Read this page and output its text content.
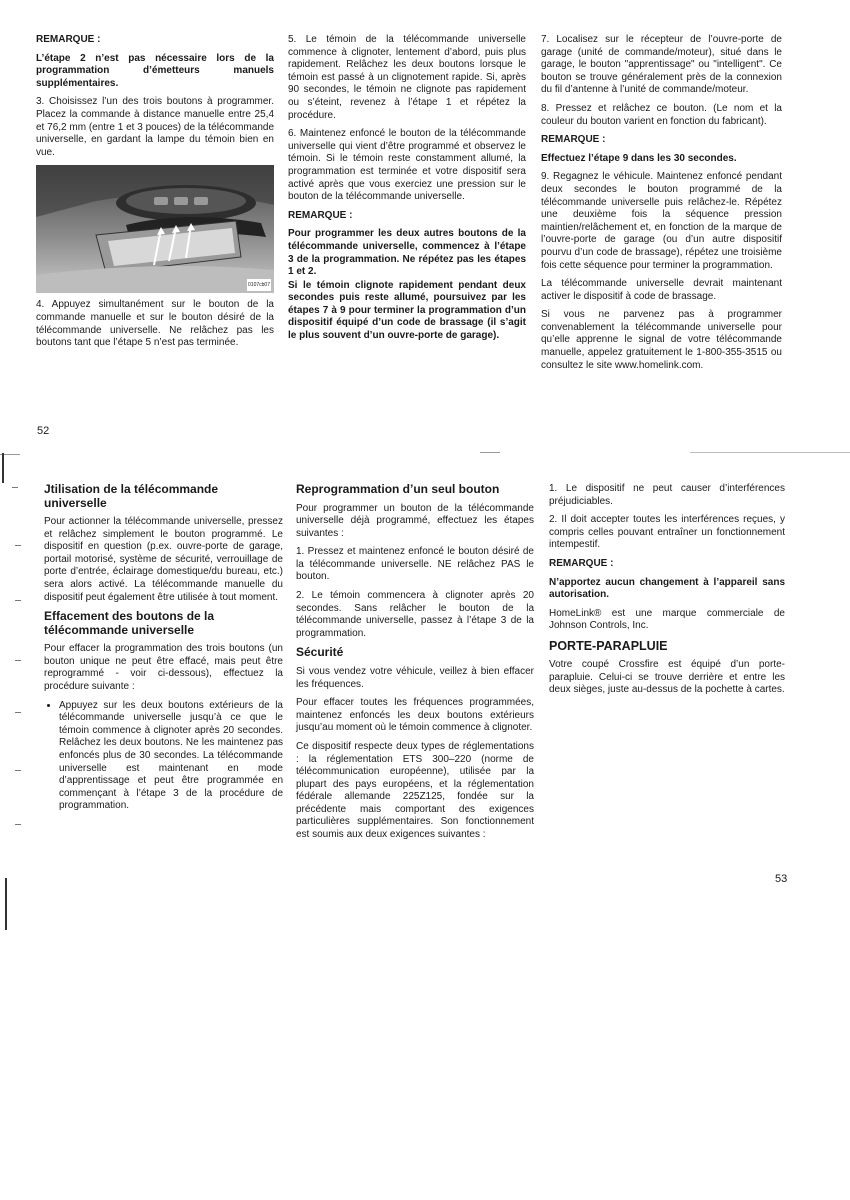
REMARQUE :

L’étape 2 n’est pas nécessaire lors de la programmation d’émetteurs manuels supplémentaires.

3. Choisissez l’un des trois boutons à programmer. Placez la commande à distance manuelle entre 25,4 et 76,2 mm (entre 1 et 3 pouces) de la télécommande universelle, en gardant la lampe du témoin bien en vue.

0107cb07

4. Appuyez simultanément sur le bouton de la commande manuelle et sur le bouton désiré de la télécommande universelle. Ne relâchez pas les boutons tant que l’étape 5 n’est pas terminée.

5. Le témoin de la télécommande universelle commence à clignoter, lentement d’abord, puis plus rapidement. Relâchez les deux boutons lorsque le témoin est passé à un clignotement rapide. Si, après 90 secondes, le témoin ne clignote pas rapidement ou s’éteint, revenez à l’étape 1 et répétez la procédure.

6. Maintenez enfoncé le bouton de la télécommande universelle qui vient d’être programmé et observez le témoin. Si le témoin reste constamment allumé, la programmation est terminée et votre dispositif sera activé après que vous exerciez une pression sur le bouton de la télécommande universelle.

REMARQUE :

Pour programmer les deux autres boutons de la télécommande universelle, commencez à l’étape 3 de la programmation. Ne répétez pas les étapes 1 et 2.

Si le témoin clignote rapidement pendant deux secondes puis reste allumé, poursuivez par les étapes 7 à 9 pour terminer la programmation d’un dispositif équipé d’un code de brassage (il s’agit le plus souvent d’un ouvre-porte de garage).

7. Localisez sur le récepteur de l’ouvre-porte de garage (unité de commande/moteur), situé dans le garage, le bouton "apprentissage" ou "intelligent". Ce bouton se trouve généralement près de la connexion du fil d’antenne à l’unité de commande/moteur.

8. Pressez et relâchez ce bouton. (Le nom et la couleur du bouton varient en fonction du fabricant).

REMARQUE :

Effectuez l’étape 9 dans les 30 secondes.

9. Regagnez le véhicule. Maintenez enfoncé pendant deux secondes le bouton programmé de la télécommande universelle puis relâchez-le. Répétez une deuxième fois la séquence pression maintien/relâchement et, en fonction de la marque de l’ouvre-porte de garage (ou d’un autre dispositif pourvu d’un code de brassage), répétez une troisième fois cette séquence pour terminer la programmation.

La télécommande universelle devrait maintenant activer le dispositif à code de brassage.

Si vous ne parvenez pas à programmer convenablement la télécommande universelle pour qu’elle apprenne le signal de votre télécommande manuelle, appelez gratuitement le 1-800-355-3515 ou consultez le site www.homelink.com.

52

Jtilisation de la télécommande universelle

Pour actionner la télécommande universelle, pressez et relâchez simplement le bouton programmé. Le dispositif en question (p.ex. ouvre-porte de garage, portail motorisé, système de sécurité, verrouillage de porte d’entrée, éclairage domestique/du bureau, etc.) sera alors activé. La télécommande manuelle du dispositif peut également être utilisée à tout moment.

Effacement des boutons de la télécommande universelle

Pour effacer la programmation des trois boutons (un bouton unique ne peut être effacé, mais peut être reprogrammé - voir ci-dessous), effectuez la procédure suivante :

• Appuyez sur les deux boutons extérieurs de la télécommande universelle jusqu’à ce que le témoin commence à clignoter après 20 secondes. Relâchez les deux boutons. Ne les maintenez pas enfoncés plus de 30 secondes. La télécommande universelle est maintenant en mode d’apprentissage et peut être programmée en commençant à l’étape 3 de la procédure de programmation.

Reprogrammation d’un seul bouton

Pour programmer un bouton de la télécommande universelle déjà programmé, effectuez les étapes suivantes :

1. Pressez et maintenez enfoncé le bouton désiré de la télécommande universelle. NE relâchez PAS le bouton.

2. Le témoin commencera à clignoter après 20 secondes. Sans relâcher le bouton de la télécommande universelle, passez à l’étape 3 de la programmation.

Sécurité

Si vous vendez votre véhicule, veillez à bien effacer les fréquences.

Pour effacer toutes les fréquences programmées, maintenez enfoncés les deux boutons extérieurs jusqu’au moment où le témoin commence à clignoter.

Ce dispositif respecte deux types de réglementations : la réglementation ETS 300–220 (norme de télécommunication européenne), utilisée par la plupart des pays européens, et la réglementation fédérale allemande 225Z125, fondée sur la précédente mais comportant des exigences particulières supplémentaires. Son fonctionnement est soumis aux deux exigences suivantes :

1. Le dispositif ne peut causer d’interférences préjudiciables.

2. Il doit accepter toutes les interférences reçues, y compris celles pouvant entraîner un fonctionnement intempestif.

REMARQUE :

N’apportez aucun changement à l’appareil sans autorisation.

HomeLink® est une marque commerciale de Johnson Controls, Inc.

PORTE-PARAPLUIE

Votre coupé Crossfire est équipé d’un porte-parapluie. Celui-ci se trouve derrière et entre les deux sièges, juste au-dessus de la pochette à cartes.

53
